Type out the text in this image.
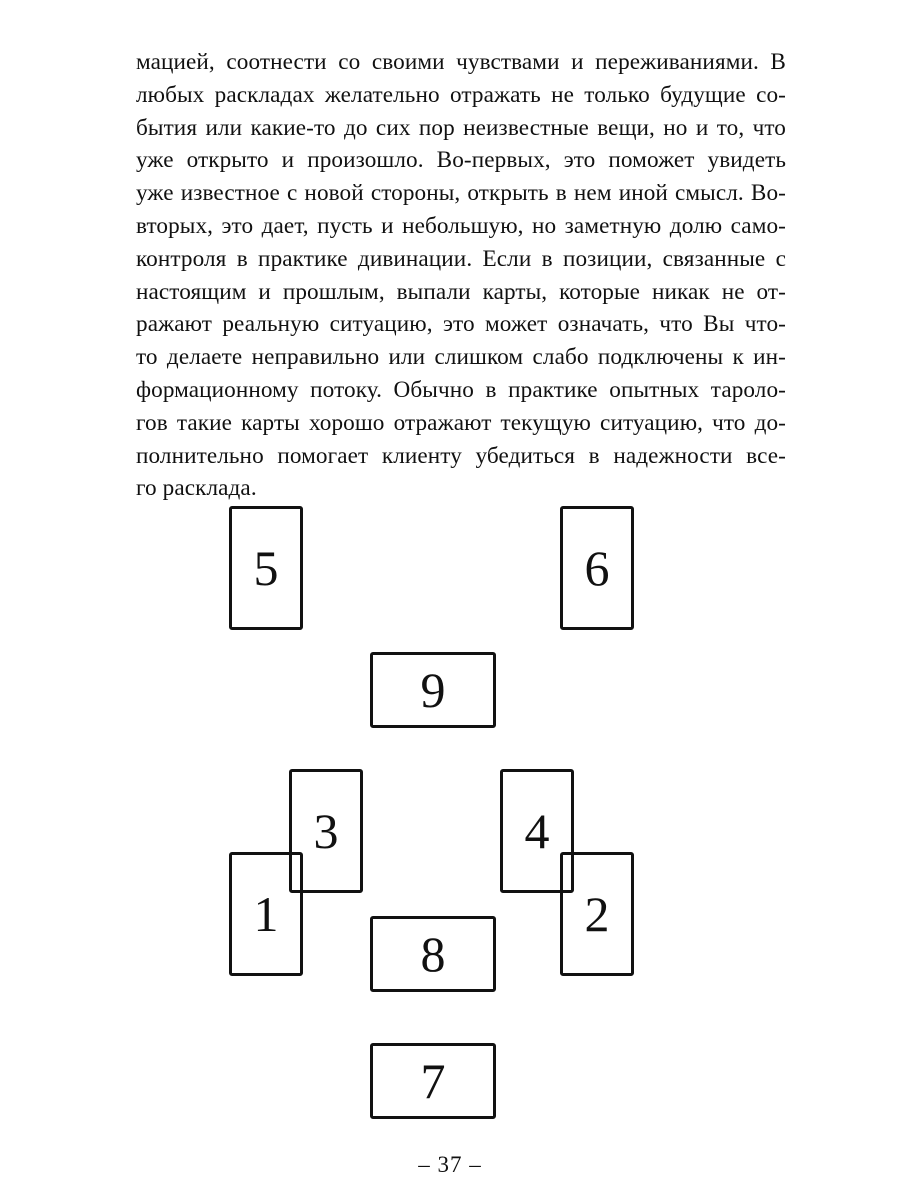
мацией, соотнести со своими чувствами и переживаниями. В
любых раскладах желательно отражать не только будущие со-
бытия или какие-то до сих пор неизвестные вещи, но и то, что
уже открыто и произошло. Во-первых, это поможет увидеть
уже известное с новой стороны, открыть в нем иной смысл. Во-
вторых, это дает, пусть и небольшую, но заметную долю само-
контроля в практике дивинации. Если в позиции, связанные с
настоящим и прошлым, выпали карты, которые никак не от-
ражают реальную ситуацию, это может означать, что Вы что-
то делаете неправильно или слишком слабо подключены к ин-
формационному потоку. Обычно в практике опытных тароло-
гов такие карты хорошо отражают текущую ситуацию, что до-
полнительно помогает клиенту убедиться в надежности все-
го расклада.
5	6
9
3	4
1	2
8
7
– 37 –
